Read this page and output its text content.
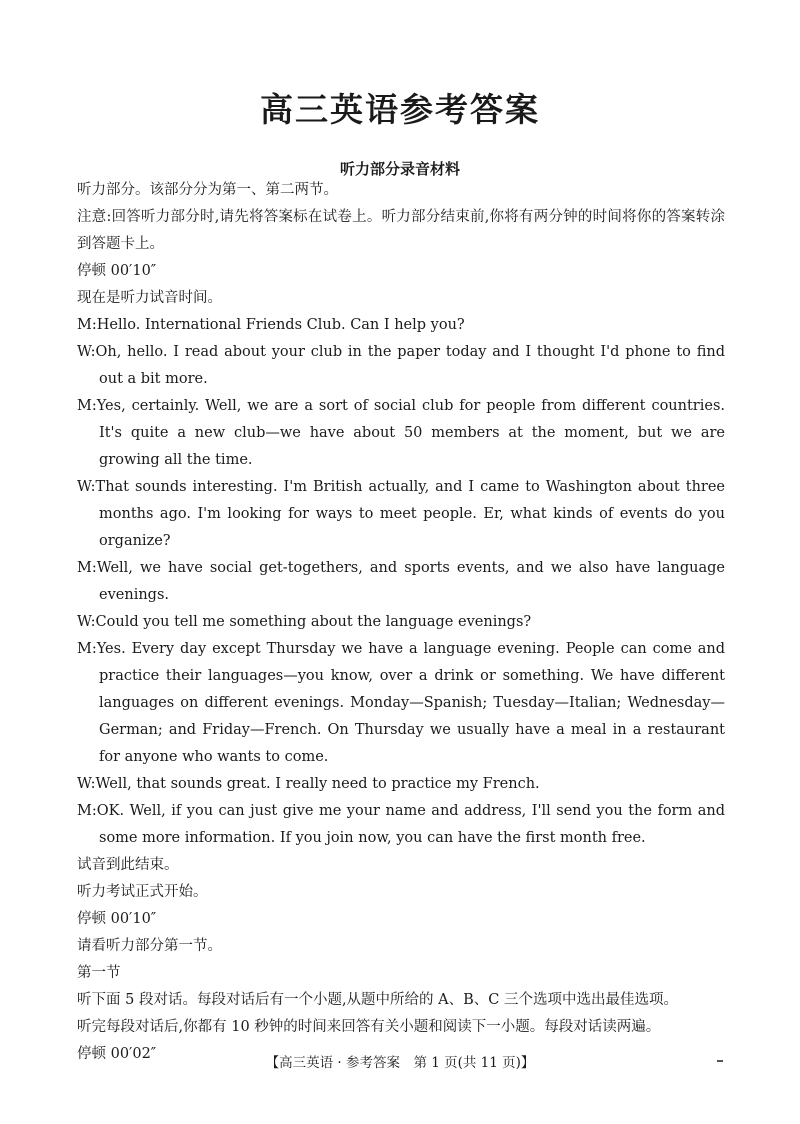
高三英语参考答案
听力部分录音材料

听力部分。该部分分为第一、第二两节。

注意:回答听力部分时,请先将答案标在试卷上。听力部分结束前,你将有两分钟的时间将你的答案转涂到答题卡上。

停顿 00′10″

现在是听力试音时间。

M:Hello. International Friends Club. Can I help you?

W:Oh, hello. I read about your club in the paper today and I thought I'd phone to find out a bit more.

M:Yes, certainly. Well, we are a sort of social club for people from different countries. It's quite a new club—we have about 50 members at the moment, but we are growing all the time.

W:That sounds interesting. I'm British actually, and I came to Washington about three months ago. I'm looking for ways to meet people. Er, what kinds of events do you organize?

M:Well, we have social get-togethers, and sports events, and we also have language evenings.

W:Could you tell me something about the language evenings?

M:Yes. Every day except Thursday we have a language evening. People can come and practice their languages—you know, over a drink or something. We have different languages on different evenings. Monday—Spanish; Tuesday—Italian; Wednesday—German; and Friday—French. On Thursday we usually have a meal in a restaurant for anyone who wants to come.

W:Well, that sounds great. I really need to practice my French.

M:OK. Well, if you can just give me your name and address, I'll send you the form and some more information. If you join now, you can have the first month free.

试音到此结束。

听力考试正式开始。

停顿 00′10″

请看听力部分第一节。

第一节

听下面 5 段对话。每段对话后有一个小题,从题中所给的 A、B、C 三个选项中选出最佳选项。

听完每段对话后,你都有 10 秒钟的时间来回答有关小题和阅读下一小题。每段对话读两遍。

停顿 00′02″

【高三英语 · 参考答案　第 1 页(共 11 页)】
